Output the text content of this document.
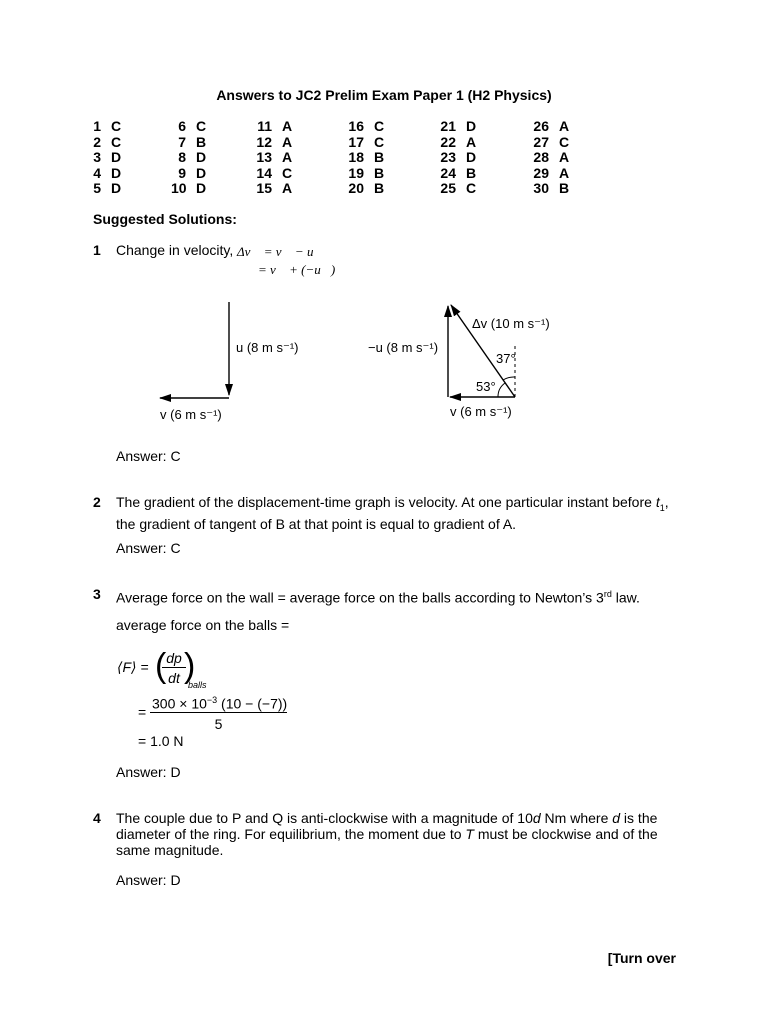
Answers to JC2 Prelim Exam Paper 1 (H2 Physics)
1 C
2 C
3 D
4 D
5 D
6 C
7 B
8 D
9 D
10 D
11 A
12 A
13 A
14 C
15 A
16 C
17 C
18 B
19 B
20 B
21 D
22 A
23 D
24 B
25 C
26 A
27 C
28 A
29 A
30 B
Suggested Solutions:
1 Change in velocity, Δv⃗ = v⃗ − u⃗
= v⃗ + (−u⃗)
u (8 m s⁻¹)
v (6 m s⁻¹)
−u (8 m s⁻¹)
Δv (10 m s⁻¹)
37°
53°
v (6 m s⁻¹)
Answer: C
2 The gradient of the displacement-time graph is velocity. At one particular instant before $t_1$, the gradient of tangent of B at that point is equal to gradient of A.
Answer: C
3 Average force on the wall = average force on the balls according to Newton’s 3rd law.
average force on the balls =
⟨F⟩ = ( dp
dt )
balls
=
$300 \times 10^{-3}$ (10 − (−7))
5
= 1.0 N
Answer: D
4 The couple due to P and Q is anti-clockwise with a magnitude of 10d Nm where d is the diameter of the ring. For equilibrium, the moment due to T must be clockwise and of the same magnitude.
Answer: D
[Turn over
